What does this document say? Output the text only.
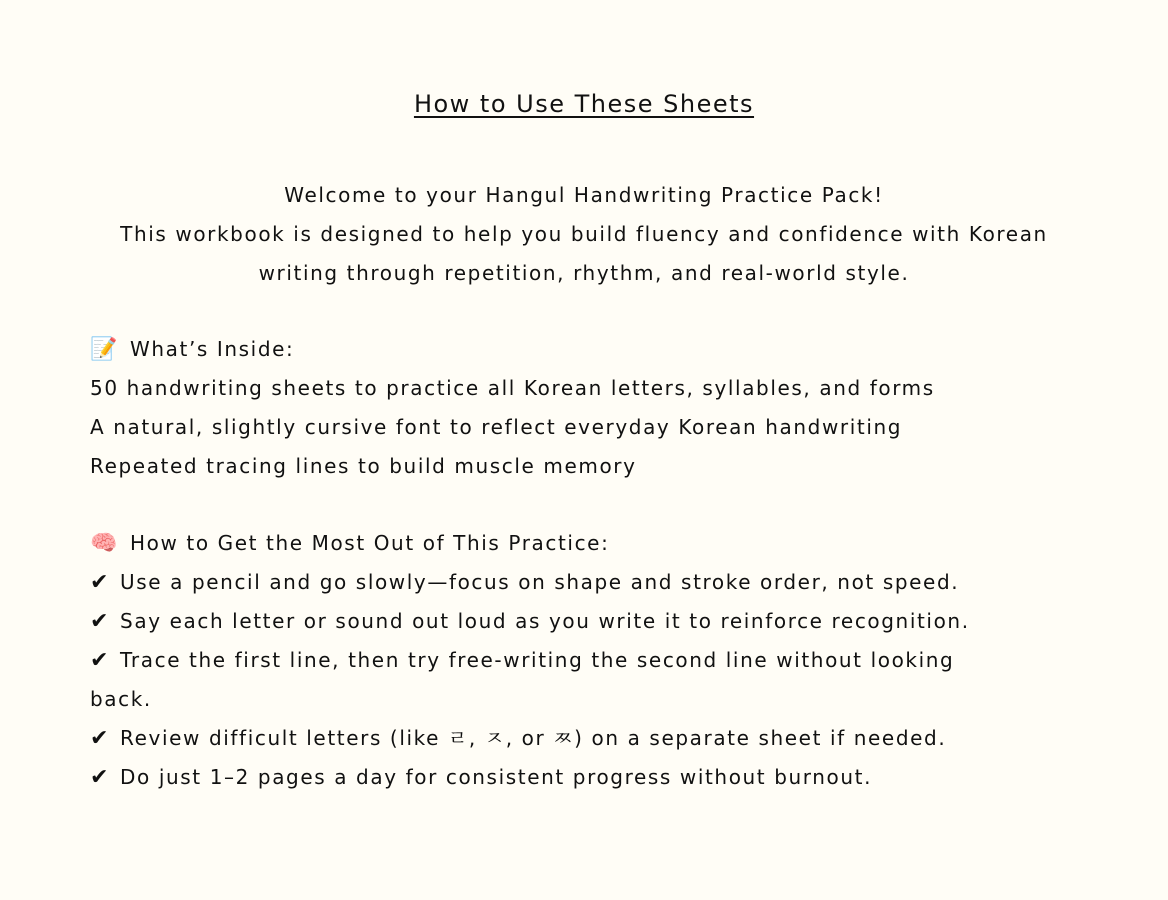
How to Use These Sheets

Welcome to your Hangul Handwriting Practice Pack!

This workbook is designed to help you build fluency and confidence with Korean

writing through repetition, rhythm, and real-world style.

📝 What’s Inside:

50 handwriting sheets to practice all Korean letters, syllables, and forms

A natural, slightly cursive font to reflect everyday Korean handwriting

Repeated tracing lines to build muscle memory

🧠 How to Get the Most Out of This Practice:

✔ Use a pencil and go slowly—focus on shape and stroke order, not speed.

✔ Say each letter or sound out loud as you write it to reinforce recognition.

✔ Trace the first line, then try free-writing the second line without looking back.

✔ Review difficult letters (like ㄹ, ㅈ, or ㅉ) on a separate sheet if needed.

✔ Do just 1–2 pages a day for consistent progress without burnout.
